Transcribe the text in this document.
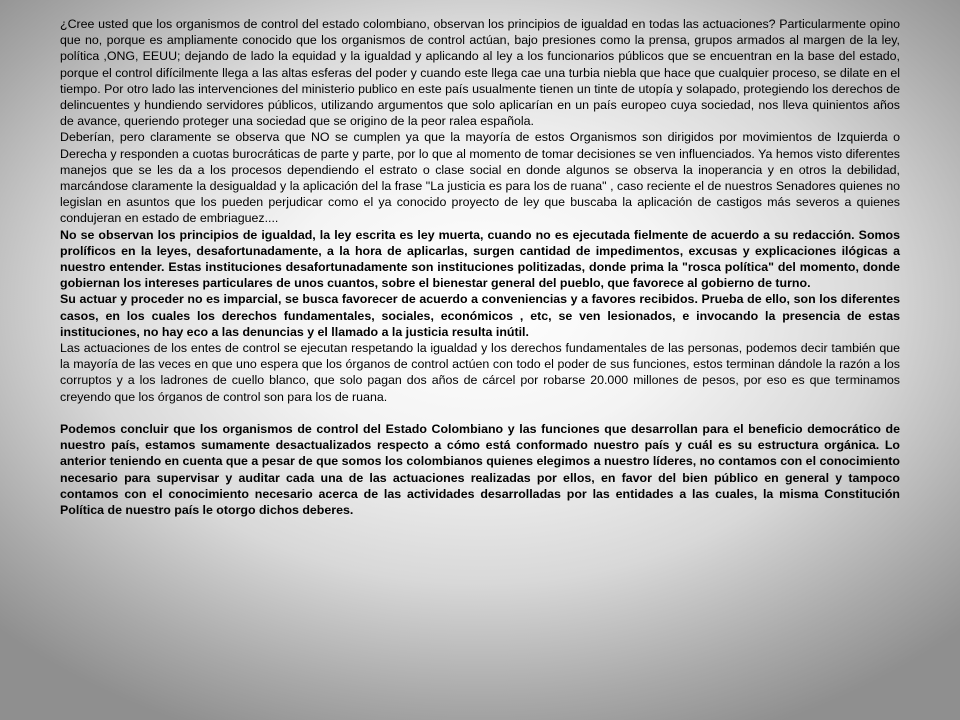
¿Cree usted que los organismos de control del estado colombiano, observan los principios de igualdad en todas las actuaciones? Particularmente opino que no, porque es ampliamente conocido que los organismos de control actúan, bajo presiones como la prensa, grupos armados al margen de la ley, política ,ONG, EEUU; dejando de lado la equidad y la igualdad y aplicando al ley a los funcionarios públicos que se encuentran en la base del estado, porque el control difícilmente llega a las altas esferas del poder y cuando este llega cae una turbia niebla que hace que cualquier proceso, se dilate en el tiempo. Por otro lado las intervenciones del ministerio publico en este país usualmente tienen un tinte de utopía y solapado, protegiendo los derechos de delincuentes y hundiendo servidores públicos, utilizando argumentos que solo aplicarían en un país europeo cuya sociedad, nos lleva quinientos años de avance, queriendo proteger una sociedad que se origino de la peor ralea española.

Deberían, pero claramente se observa que NO se cumplen ya que la mayoría de estos Organismos son dirigidos por movimientos de Izquierda o Derecha y responden a cuotas burocráticas de parte y parte, por lo que al momento de tomar decisiones se ven influenciados. Ya hemos visto diferentes manejos que se les da a los procesos dependiendo el estrato o clase social en donde algunos se observa la inoperancia y en otros la debilidad, marcándose claramente la desigualdad y la aplicación del la frase "La justicia es para los de ruana" , caso reciente el de nuestros Senadores quienes no legislan en asuntos que los pueden perjudicar como el ya conocido proyecto de ley que buscaba la aplicación de castigos más severos a quienes condujeran en estado de embriaguez....

No se observan los principios de igualdad, la ley escrita es ley muerta, cuando no es ejecutada fielmente de acuerdo a su redacción. Somos prolíficos en la leyes, desafortunadamente, a la hora de aplicarlas, surgen cantidad de impedimentos, excusas y explicaciones ilógicas a nuestro entender. Estas instituciones desafortunadamente son instituciones politizadas, donde prima la "rosca política" del momento, donde gobiernan los intereses particulares de unos cuantos, sobre el bienestar general del pueblo, que favorece al gobierno de turno.

Su actuar y proceder no es imparcial, se busca favorecer de acuerdo a conveniencias y a favores recibidos. Prueba de ello, son los diferentes casos, en los cuales los derechos fundamentales, sociales, económicos , etc, se ven lesionados, e invocando la presencia de estas instituciones, no hay eco a las denuncias y el llamado a la justicia resulta inútil.

Las actuaciones de los entes de control se ejecutan respetando la igualdad y los derechos fundamentales de las personas, podemos decir también que la mayoría de las veces en que uno espera que los órganos de control actúen con todo el poder de sus funciones, estos terminan dándole la razón a los corruptos y a los ladrones de cuello blanco, que solo pagan dos años de cárcel por robarse 20.000 millones de pesos, por eso es que terminamos creyendo que los órganos de control son para los de ruana.

Podemos concluir que los organismos de control del Estado Colombiano y las funciones que desarrollan para el beneficio democrático de nuestro país, estamos sumamente desactualizados respecto a cómo está conformado nuestro país y cuál es su estructura orgánica. Lo anterior teniendo en cuenta que a pesar de que somos los colombianos quienes elegimos a nuestro líderes, no contamos con el conocimiento necesario para supervisar y auditar cada una de las actuaciones realizadas por ellos, en favor del bien público en general y tampoco contamos con el conocimiento necesario acerca de las actividades desarrolladas por las entidades a las cuales, la misma Constitución Política de nuestro país le otorgo dichos deberes.
